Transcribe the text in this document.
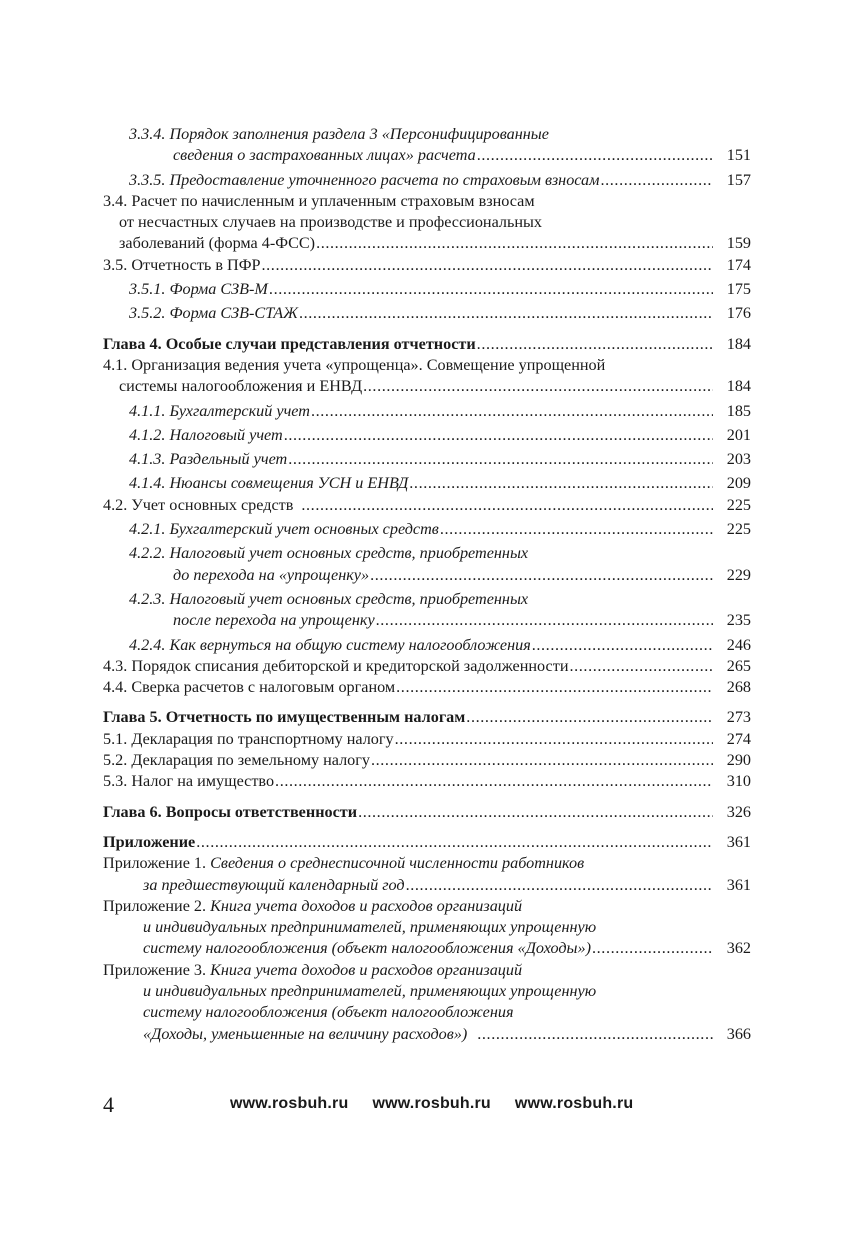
3.3.4. Порядок заполнения раздела 3 «Персонифицированные
сведения о застрахованных лицах» расчета .....	151
3.3.5. Предоставление уточненного расчета по страховым взносам .....	157
3.4. Расчет по начисленным и уплаченным страховым взносам
от несчастных случаев на производстве и профессиональных
заболеваний (форма 4-ФСС) .....	159
3.5. Отчетность в ПФР .....	174
3.5.1. Форма СЗВ-М .....	175
3.5.2. Форма СЗВ-СТАЖ .....	176
Глава 4. Особые случаи представления отчетности .....	184
4.1. Организация ведения учета «упрощенца». Совмещение упрощенной
системы налогообложения и ЕНВД .....	184
4.1.1. Бухгалтерский учет .....	185
4.1.2. Налоговый учет .....	201
4.1.3. Раздельный учет .....	203
4.1.4. Нюансы совмещения УСН и ЕНВД .....	209
4.2. Учет основных средств .....	225
4.2.1. Бухгалтерский учет основных средств .....	225
4.2.2. Налоговый учет основных средств, приобретенных
до перехода на «упрощенку» .....	229
4.2.3. Налоговый учет основных средств, приобретенных
после перехода на упрощенку .....	235
4.2.4. Как вернуться на общую систему налогообложения .....	246
4.3. Порядок списания дебиторской и кредиторской задолженности .....	265
4.4. Сверка расчетов с налоговым органом .....	268
Глава 5. Отчетность по имущественным налогам .....	273
5.1. Декларация по транспортному налогу .....	274
5.2. Декларация по земельному налогу .....	290
5.3. Налог на имущество .....	310
Глава 6. Вопросы ответственности .....	326
Приложение .....	361
Приложение 1. Сведения о среднесписочной численности работников
за предшествующий календарный год .....	361
Приложение 2. Книга учета доходов и расходов организаций
и индивидуальных предпринимателей, применяющих упрощенную
систему налогообложения (объект налогообложения «Доходы») .....	362
Приложение 3. Книга учета доходов и расходов организаций
и индивидуальных предпринимателей, применяющих упрощенную
систему налогообложения (объект налогообложения
«Доходы, уменьшенные на величину расходов») .....	366
4	www.rosbuh.ru www.rosbuh.ru www.rosbuh.ru
